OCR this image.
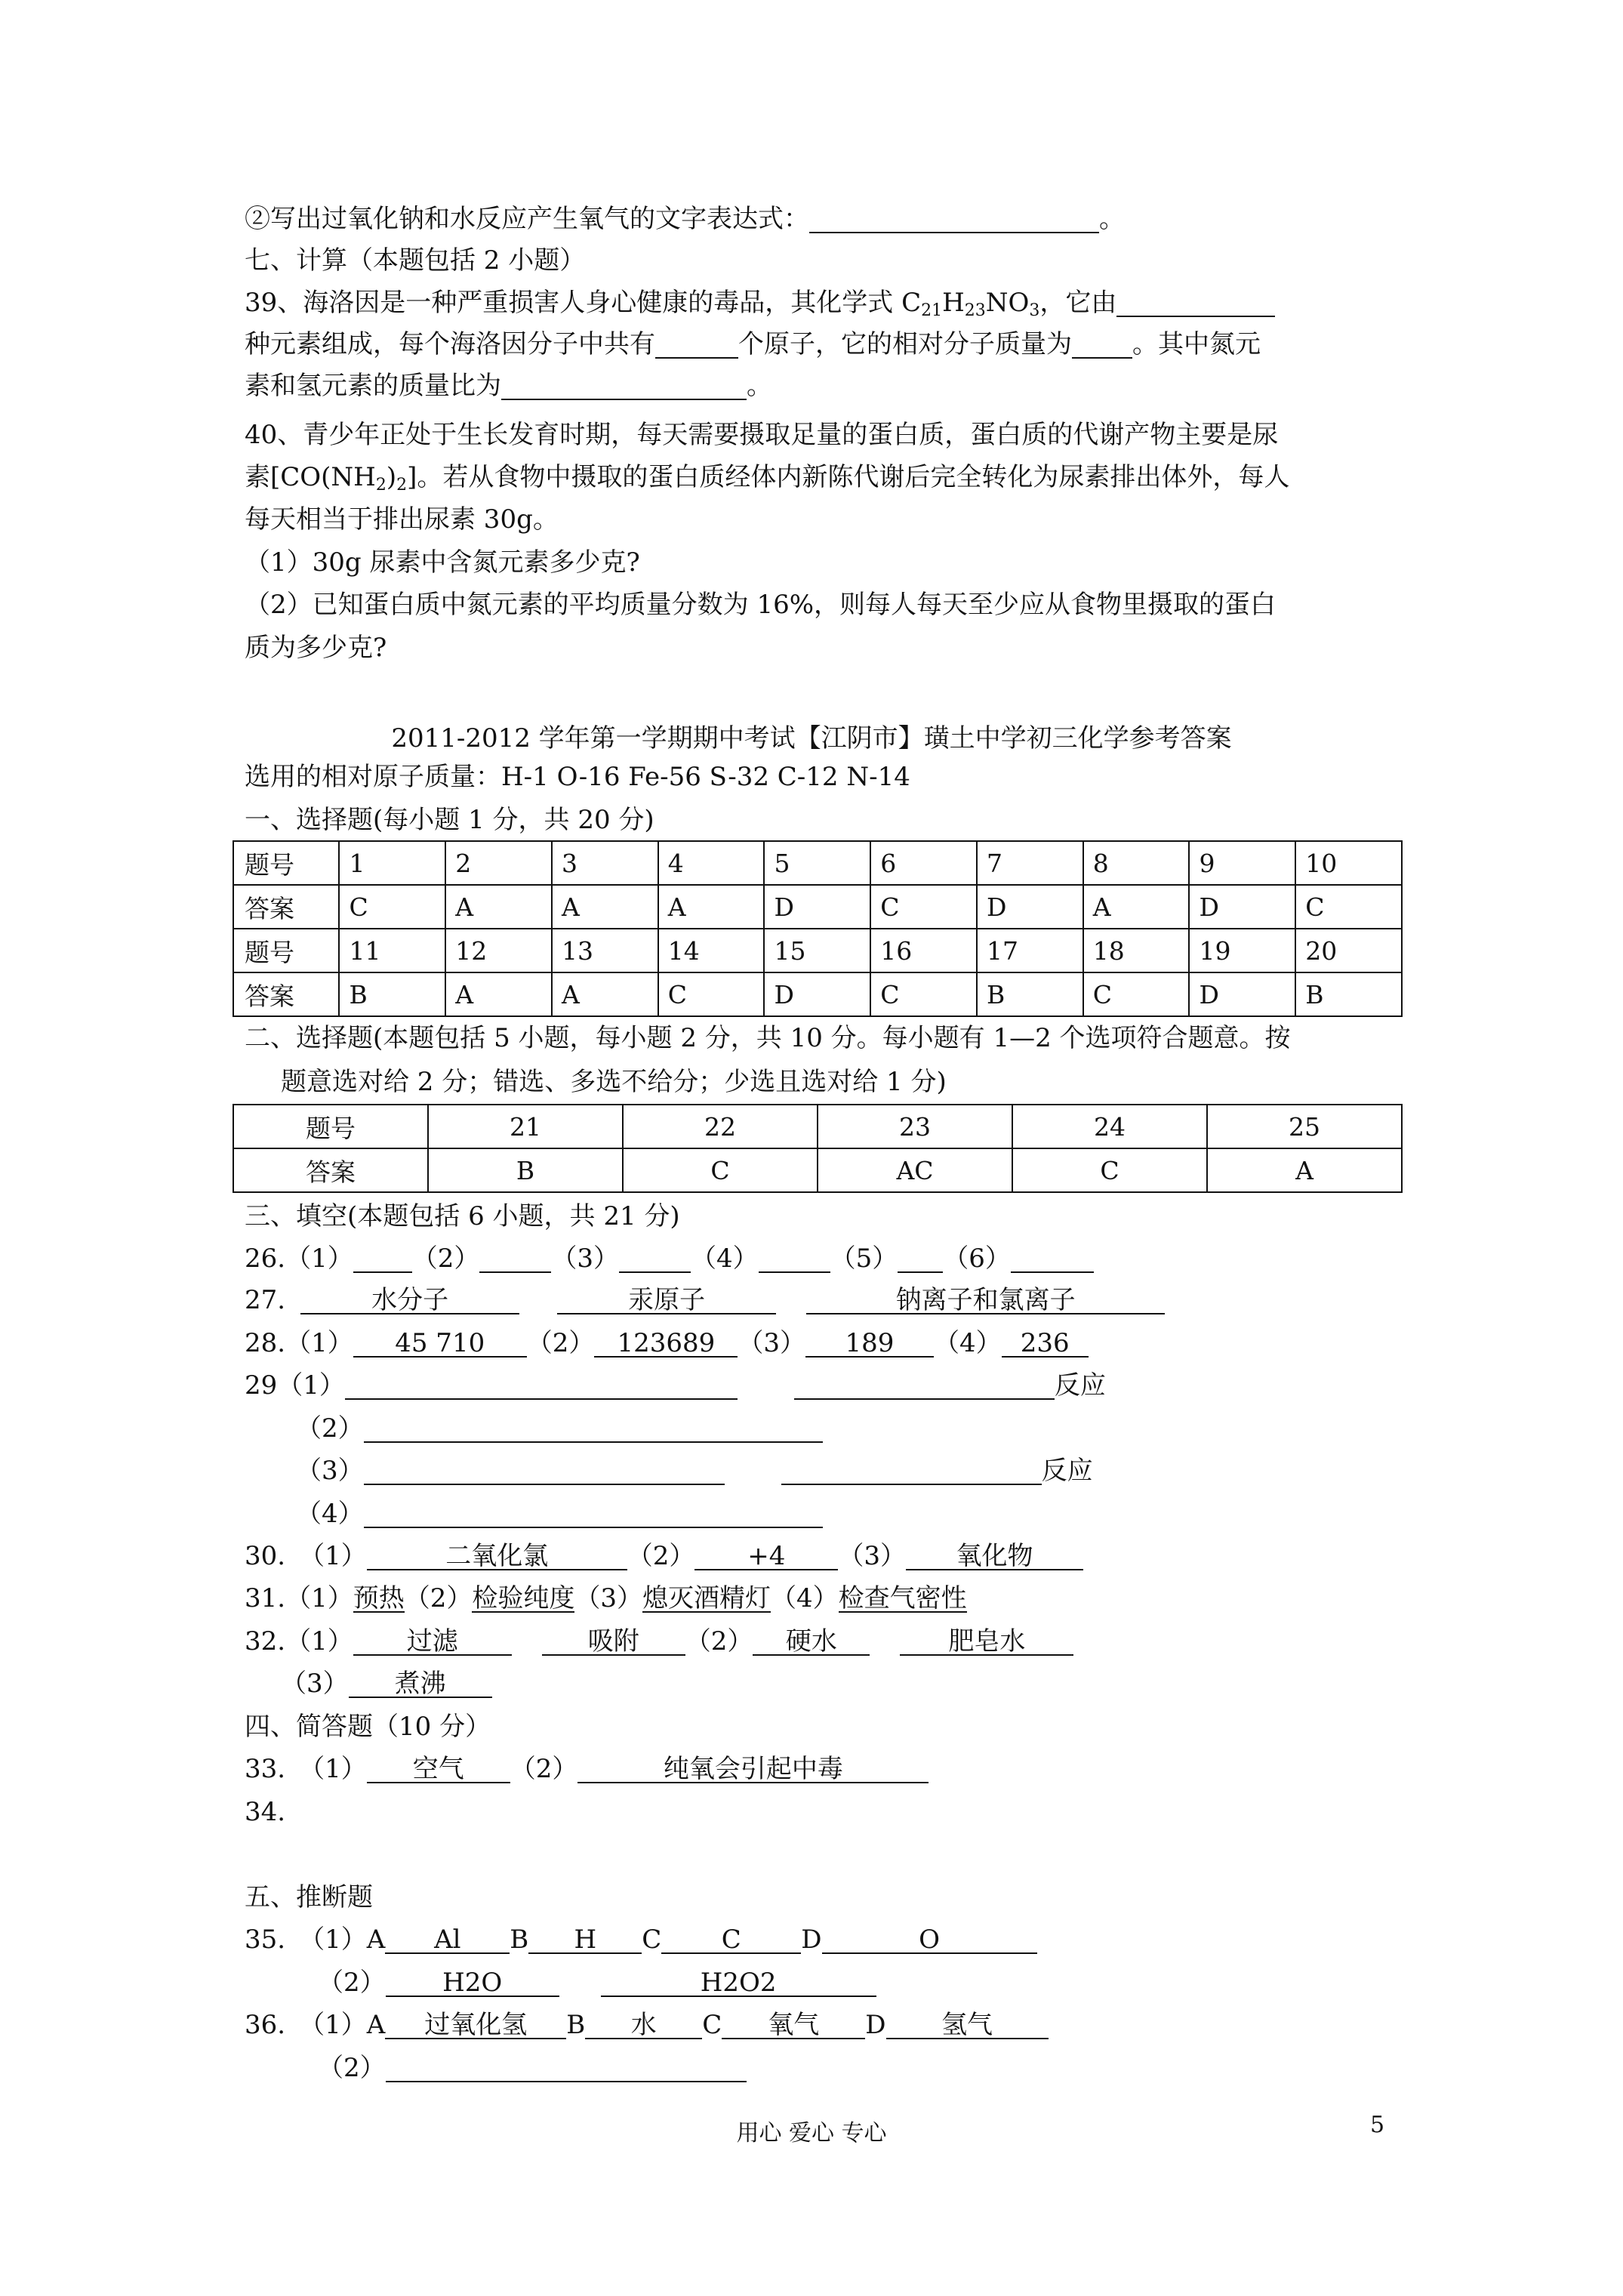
②写出过氧化钠和水反应产生氧气的文字表达式：	。
七、计算（本题包括 2 小题）
39、海洛因是一种严重损害人身心健康的毒品，其化学式 $C_{21}H_{23}NO_3$，它由
种元素组成，每个海洛因分子中共有	个原子，它的相对分子质量为 。其中氮元
素和氢元素的质量比为	。
40、青少年正处于生长发育时期，每天需要摄取足量的蛋白质，蛋白质的代谢产物主要是尿
素$[CO(NH_2)_2]$。若从食物中摄取的蛋白质经体内新陈代谢后完全转化为尿素排出体外，每人
每天相当于排出尿素 30g。
（1）30g 尿素中含氮元素多少克?
（2）已知蛋白质中氮元素的平均质量分数为 16%，则每人每天至少应从食物里摄取的蛋白
质为多少克?
2011-2012 学年第一学期期中考试【江阴市】璜土中学初三化学参考答案
选用的相对原子质量：H-1 O-16 Fe-56 S-32 C-12 N-14
一、选择题(每小题 1 分，共 20 分)
题号	1	2	3	4	5	6	7	8	9	10
答案	C	A	A	A	D	C	D	A	D	C
题号	11	12	13	14	15	16	17	18	19	20
答案	B	A	A	C	D	C	B	C	D	B
二、选择题(本题包括 5 小题，每小题 2 分，共 10 分。每小题有 1—2 个选项符合题意。按
题意选对给 2 分；错选、多选不给分；少选且选对给 1 分)
题号	21	22	23	24	25
答案	B	C	AC	C	A
三、填空(本题包括 6 小题，共 21 分)
26.（1） （2）	（3）	（4）	（5） （6）
27.	水分子	汞原子	钠离子和氯离子
28.（1） 45 710 （2） 123689 （3） 189 （4） 236
29（1）	反应
（2）
（3）	反应
（4）
30. （1）	二氧化氯	（2） +4 （3） 氧化物
31.（1）预热（2）检验纯度（3）熄灭酒精灯（4）检查气密性
32.（1） 过滤	吸附 （2） 硬水	肥皂水
（3） 煮沸
四、简答题（10 分）
33. （1） 空气 （2）	纯氧会引起中毒
34.
五、推断题
35. （1）A Al B H C C D	O
（2） H2O	H2O2
36. （1）A 过氧化氢 B 水 C 氧气 D 氢气
（2）
用心 爱心 专心	5
